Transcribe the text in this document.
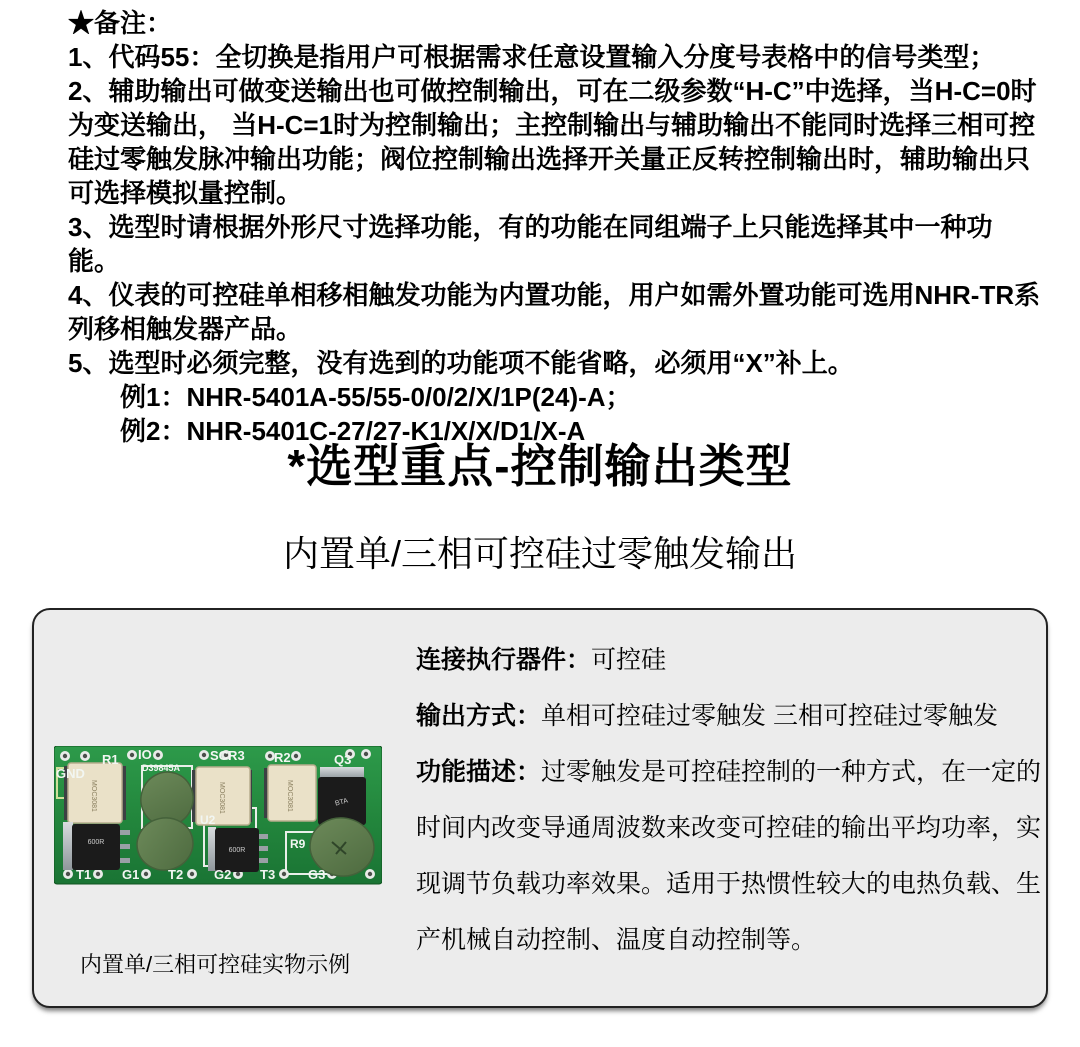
★备注：

1、代码55：全切换是指用户可根据需求任意设置输入分度号表格中的信号类型；

2、辅助输出可做变送输出也可做控制输出，可在二级参数“H-C”中选择，当H-C=0时为变送输出， 当H-C=1时为控制输出；主控制输出与辅助输出不能同时选择三相可控硅过零触发脉冲输出功能；阀位控制输出选择开关量正反转控制输出时，辅助输出只可选择模拟量控制。

3、选型时请根据外形尺寸选择功能，有的功能在同组端子上只能选择其中一种功能。

4、仪表的可控硅单相移相触发功能为内置功能，用户如需外置功能可选用NHR-TR系列移相触发器产品。

5、选型时必须完整，没有选到的功能项不能省略，必须用“X”补上。

例1：NHR-5401A-55/55-0/0/2/X/1P(24)-A；

例2：NHR-5401C-27/27-K1/X/X/D1/X-A

*选型重点-控制输出类型
内置单/三相可控硅过零触发输出
MOC3081	MOC3081	MOC3081
600R
600R
BTA
GND
R1 IO
D39845A
SCR3 R2	Q3
U2
R9
T1 G1 T2 G2 T3	G3

连接执行器件：可控硅

输出方式：单相可控硅过零触发 三相可控硅过零触发

功能描述：过零触发是可控硅控制的一种方式，在一定的时间内改变导通周波数来改变可控硅的输出平均功率，实现调节负载功率效果。适用于热惯性较大的电热负载、生产机械自动控制、温度自动控制等。

内置单/三相可控硅实物示例
